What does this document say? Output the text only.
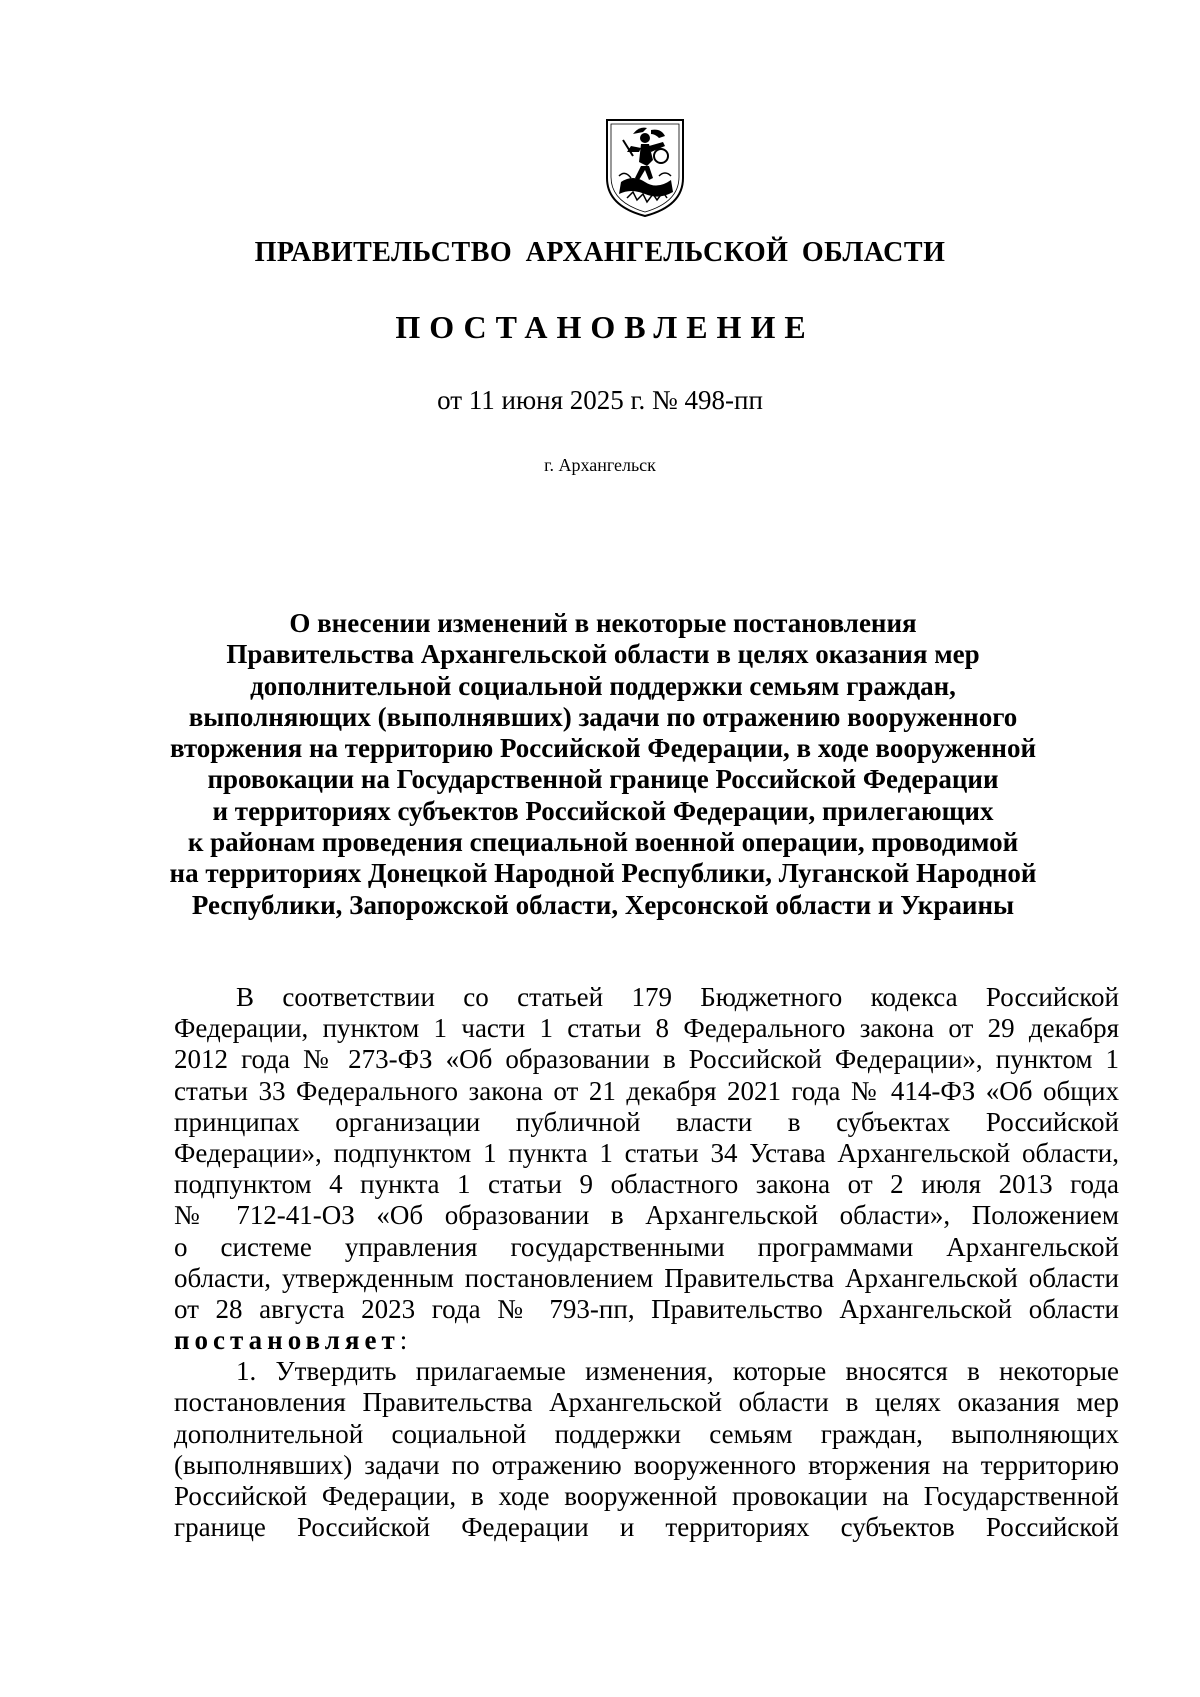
ПРАВИТЕЛЬСТВО АРХАНГЕЛЬСКОЙ ОБЛАСТИ
ПОСТАНОВЛЕНИЕ
от 11 июня 2025 г. № 498-пп
г. Архангельск
О внесении изменений в некоторые постановления
Правительства Архангельской области в целях оказания мер
дополнительной социальной поддержки семьям граждан,
выполняющих (выполнявших) задачи по отражению вооруженного
вторжения на территорию Российской Федерации, в ходе вооруженной
провокации на Государственной границе Российской Федерации
и территориях субъектов Российской Федерации, прилегающих
к районам проведения специальной военной операции, проводимой
на территориях Донецкой Народной Республики, Луганской Народной
Республики, Запорожской области, Херсонской области и Украины
В соответствии со статьей 179 Бюджетного кодекса Российской
Федерации, пунктом 1 части 1 статьи 8 Федерального закона от 29 декабря
2012 года № 273-ФЗ «Об образовании в Российской Федерации», пунктом 1
статьи 33 Федерального закона от 21 декабря 2021 года № 414-ФЗ «Об общих
принципах организации публичной власти в субъектах Российской
Федерации», подпунктом 1 пункта 1 статьи 34 Устава Архангельской области,
подпунктом 4 пункта 1 статьи 9 областного закона от 2 июля 2013 года
№ 712-41-ОЗ «Об образовании в Архангельской области», Положением
о системе управления государственными программами Архангельской
области, утвержденным постановлением Правительства Архангельской области
от 28 августа 2023 года № 793-пп, Правительство Архангельской области
постановляет:
1. Утвердить прилагаемые изменения, которые вносятся в некоторые
постановления Правительства Архангельской области в целях оказания мер
дополнительной социальной поддержки семьям граждан, выполняющих
(выполнявших) задачи по отражению вооруженного вторжения на территорию
Российской Федерации, в ходе вооруженной провокации на Государственной
границе Российской Федерации и территориях субъектов Российской
